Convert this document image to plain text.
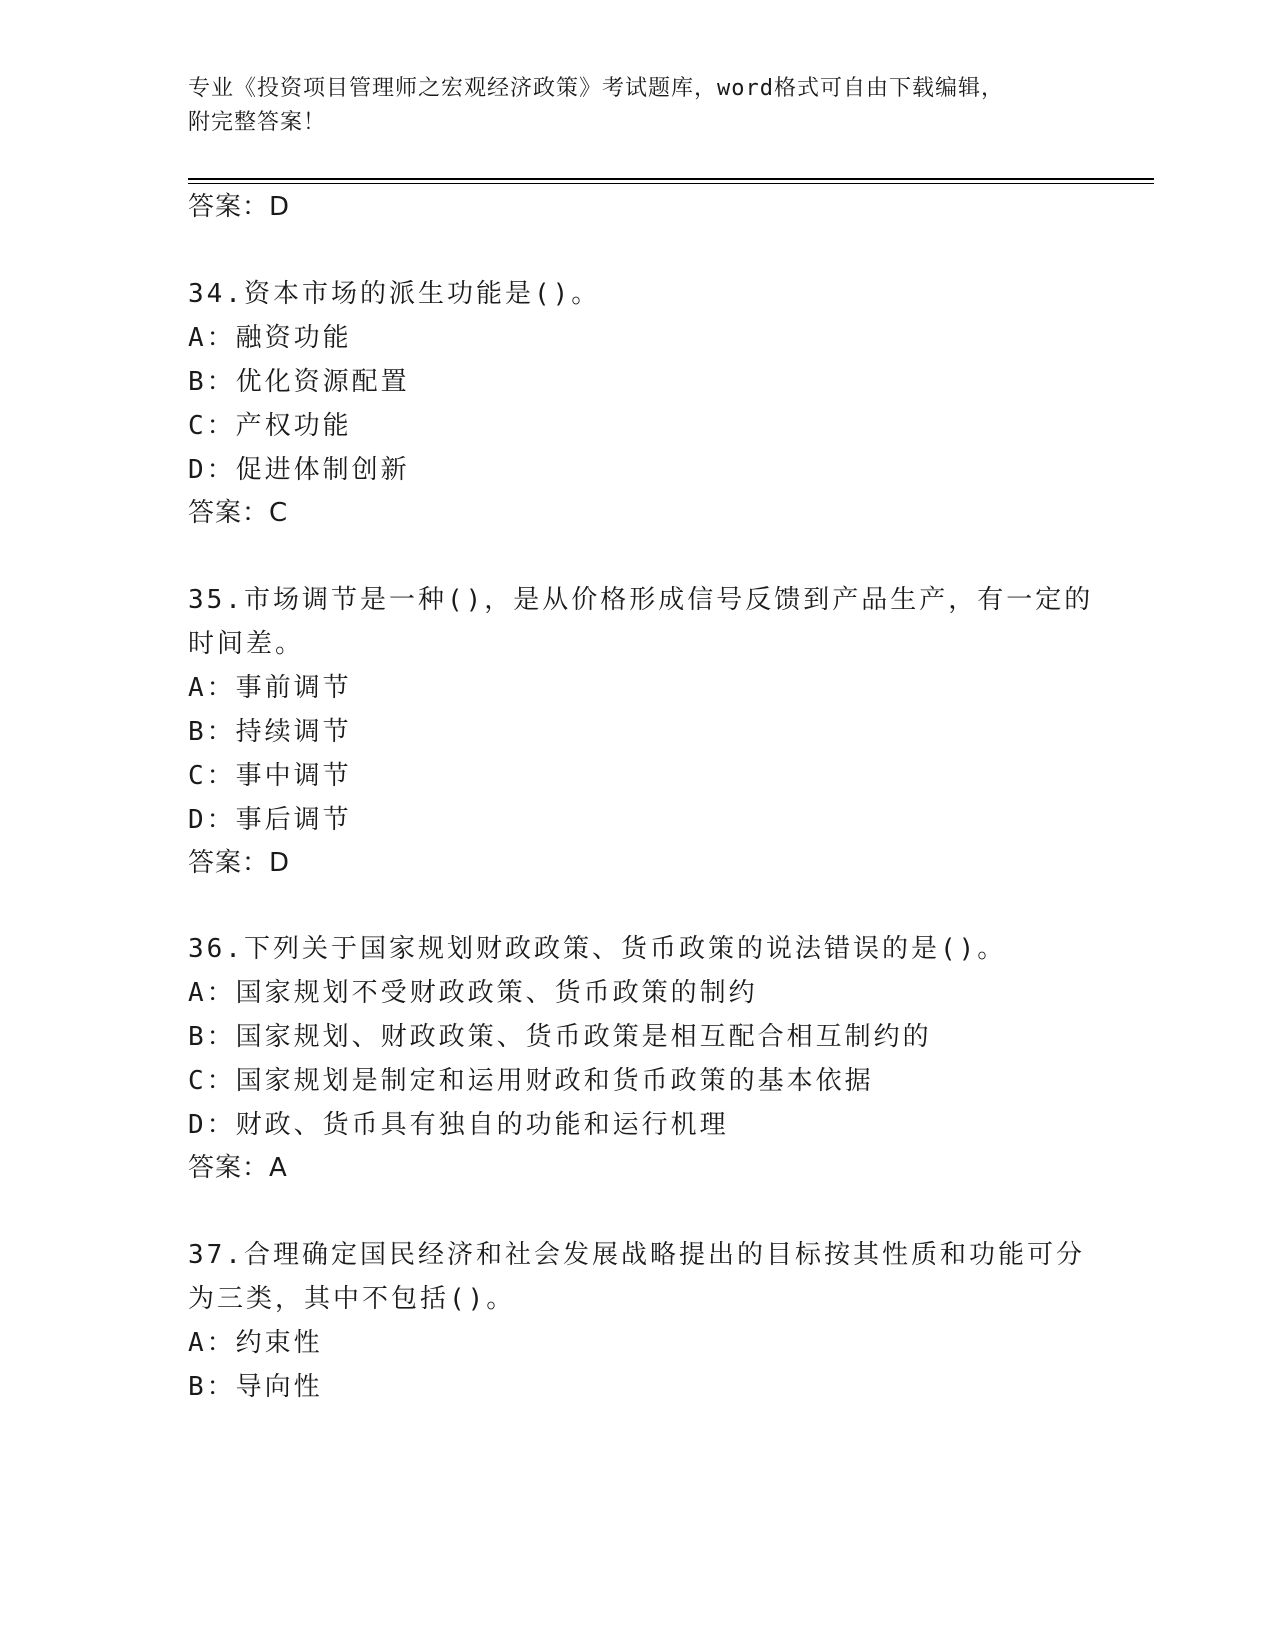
专业《投资项目管理师之宏观经济政策》考试题库，word格式可自由下载编辑，
附完整答案！
答案：D
34.资本市场的派生功能是()。
A：融资功能
B：优化资源配置
C：产权功能
D：促进体制创新
答案：C
35.市场调节是一种()，是从价格形成信号反馈到产品生产，有一定的
时间差。
A：事前调节
B：持续调节
C：事中调节
D：事后调节
答案：D
36.下列关于国家规划财政政策、货币政策的说法错误的是()。
A：国家规划不受财政政策、货币政策的制约
B：国家规划、财政政策、货币政策是相互配合相互制约的
C：国家规划是制定和运用财政和货币政策的基本依据
D：财政、货币具有独自的功能和运行机理
答案：A
37.合理确定国民经济和社会发展战略提出的目标按其性质和功能可分
为三类，其中不包括()。
A：约束性
B：导向性
